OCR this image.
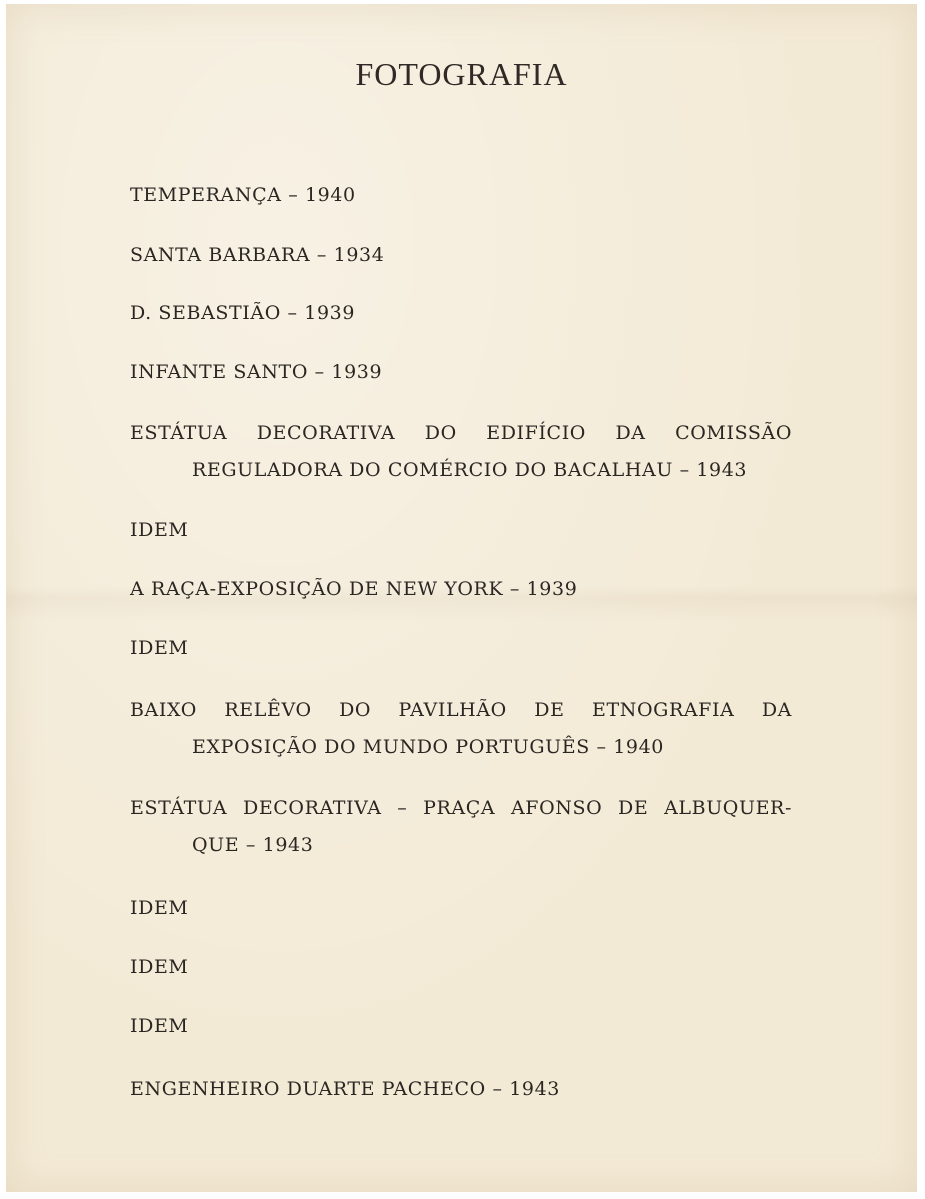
FOTOGRAFIA
TEMPERANÇA – 1940
SANTA BARBARA – 1934
D. SEBASTIÃO – 1939
INFANTE SANTO – 1939
ESTÁTUA DECORATIVA DO EDIFÍCIO DA COMISSÃO
REGULADORA DO COMÉRCIO DO BACALHAU – 1943
IDEM
A RAÇA-EXPOSIÇÃO DE NEW YORK – 1939
IDEM
BAIXO RELÊVO DO PAVILHÃO DE ETNOGRAFIA DA
EXPOSIÇÃO DO MUNDO PORTUGUÊS – 1940
ESTÁTUA DECORATIVA – PRAÇA AFONSO DE ALBUQUER-
QUE – 1943
IDEM
IDEM
IDEM
ENGENHEIRO DUARTE PACHECO – 1943
